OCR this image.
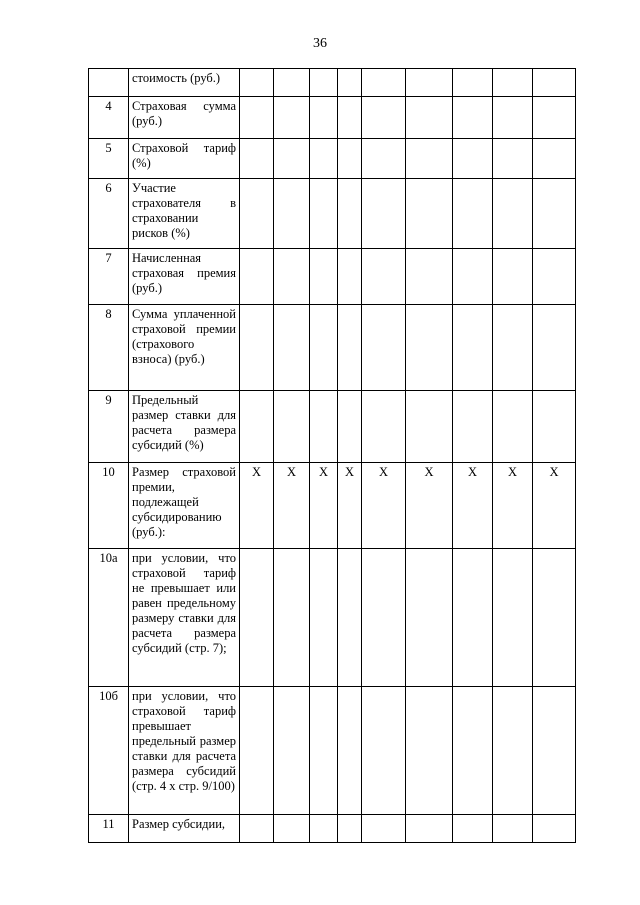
36
	стоимость (руб.)									
4	Страховая сумма (руб.)									
5	Страховой тариф (%)									
6	Участие страхователя в страховании рисков (%)									
7	Начисленная страховая премия (руб.)									
8	Сумма уплаченной страховой премии (страхового взноса) (руб.)									
9	Предельный размер ставки для расчета размера субсидий (%)									
10	Размер страховой премии, подлежащей субсидированию (руб.):	X	X	X	X	X	X	X	X	X
10а	при условии, что страховой тариф не превышает или равен предельному размеру ставки для расчета размера субсидий (стр. 7);									
10б	при условии, что страховой тариф превышает предельный размер ставки для расчета размера субсидий (стр. 4 х стр. 9/100)									
11	Размер субсидии,									
